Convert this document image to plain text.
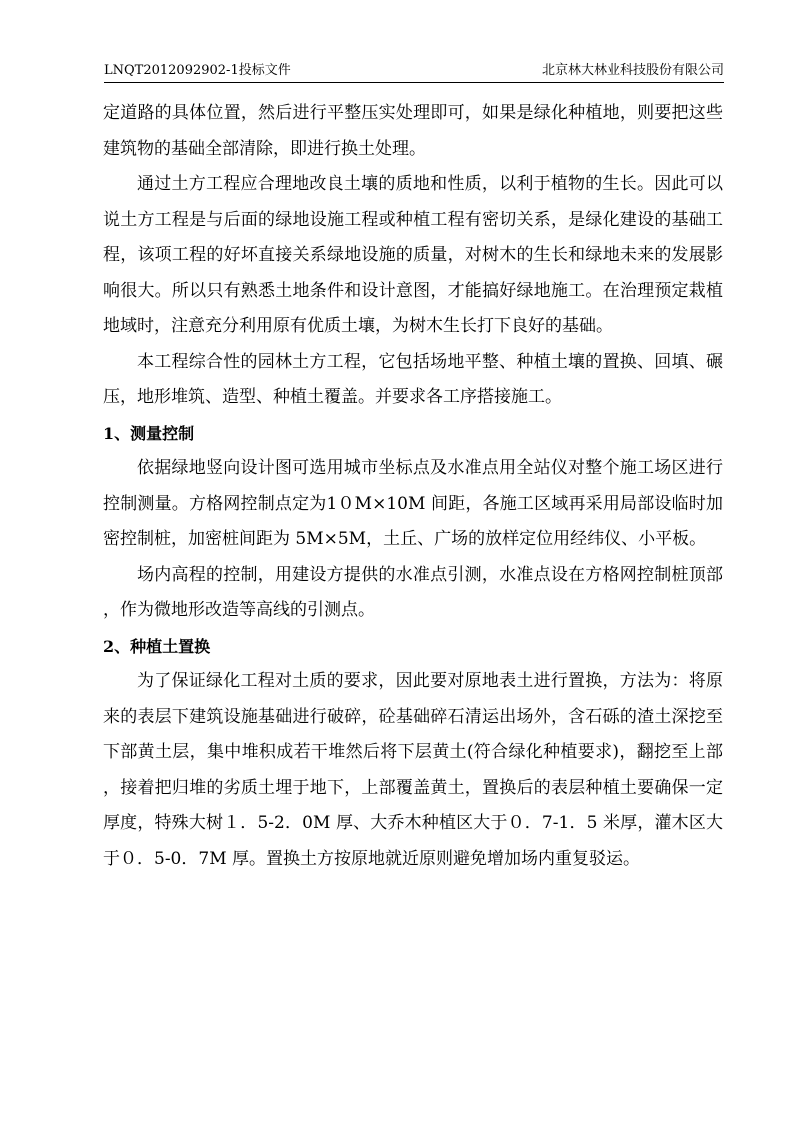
LNQT2012092902-1投标文件	北京林大林业科技股份有限公司

定道路的具体位置，然后进行平整压实处理即可，如果是绿化种植地，则要把这些建筑物的基础全部清除，即进行换土处理。

通过土方工程应合理地改良土壤的质地和性质，以利于植物的生长。因此可以说土方工程是与后面的绿地设施工程或种植工程有密切关系，是绿化建设的基础工程，该项工程的好坏直接关系绿地设施的质量，对树木的生长和绿地未来的发展影响很大。所以只有熟悉土地条件和设计意图，才能搞好绿地施工。在治理预定栽植地域时，注意充分利用原有优质土壤，为树木生长打下良好的基础。

本工程综合性的园林土方工程，它包括场地平整、种植土壤的置换、回填、碾压，地形堆筑、造型、种植土覆盖。并要求各工序搭接施工。

1、测量控制

依据绿地竖向设计图可选用城市坐标点及水准点用全站仪对整个施工场区进行控制测量。方格网控制点定为1０M×10M 间距，各施工区域再采用局部设临时加密控制桩，加密桩间距为 5M×5M，土丘、广场的放样定位用经纬仪、小平板。

场内高程的控制，用建设方提供的水准点引测，水准点设在方格网控制桩顶部，作为微地形改造等高线的引测点。

2、种植土置换

为了保证绿化工程对土质的要求，因此要对原地表土进行置换，方法为：将原来的表层下建筑设施基础进行破碎，砼基础碎石清运出场外，含石砾的渣土深挖至下部黄土层，集中堆积成若干堆然后将下层黄土(符合绿化种植要求)，翻挖至上部，接着把归堆的劣质土埋于地下，上部覆盖黄土，置换后的表层种植土要确保一定厚度，特殊大树１．5-2．0M 厚、大乔木种植区大于０．7-1．5 米厚，灌木区大于０．5-0．7M 厚。置换土方按原地就近原则避免增加场内重复驳运。
